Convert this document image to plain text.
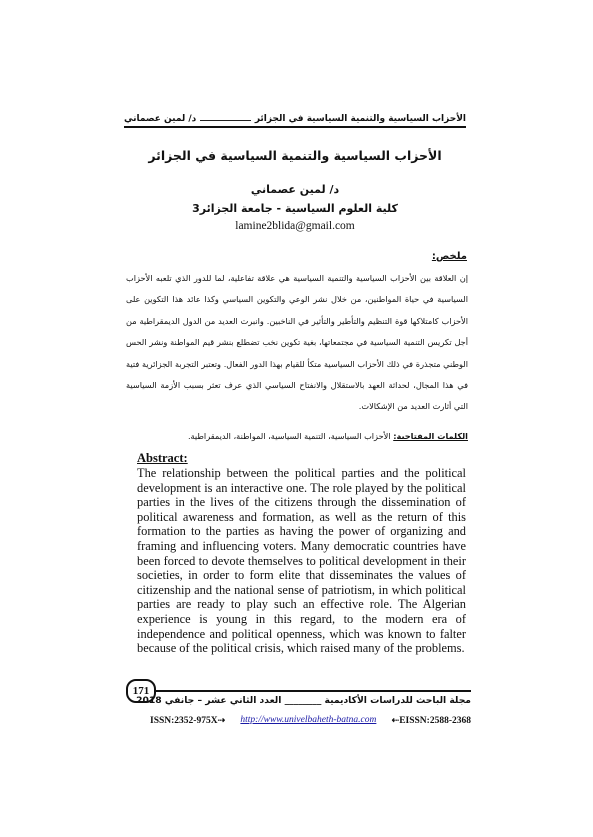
الأحزاب السياسية والتنمية السياسية في الجزائر
د/ لمين عصماني
الأحزاب السياسية والتنمية السياسية في الجزائر
د/ لمين عصماني
كلية العلوم السياسية - جامعة الجزائر3
lamine2blida@gmail.com
ملخص:
إن العلاقة بين الأحزاب السياسية والتنمية السياسية هي علاقة تفاعلية، لما للدور الذي تلعبه الأحزاب السياسية في حياة المواطنين، من خلال نشر الوعي والتكوين السياسي وكذا عائد هذا التكوين على الأحزاب كامتلاكها قوة التنظيم والتأطير والتأثير في الناخبين. وانبرت العديد من الدول الديمقراطية من أجل تكريس التنمية السياسية في مجتمعاتها، بغية تكوين نخب تضطلع بنشر قيم المواطنة ونشر الحس الوطني متجذرة في ذلك الأحزاب السياسية متكأ للقيام بهذا الدور الفعال. وتعتبر التجربة الجزائرية فتية في هذا المجال، لحداثة العهد بالاستقلال والانفتاح السياسي الذي عرف تعثر بسبب الأزمة السياسية التي أثارت العديد من الإشكالات.
الكلمات المفتاحية: الأحزاب السياسية، التنمية السياسية، المواطنة، الديمقراطية.
Abstract:
The relationship between the political parties and the political development is an interactive one. The role played by the political parties in the lives of the citizens through the dissemination of political awareness and formation, as well as the return of this formation to the parties as having the power of organizing and framing and influencing voters. Many democratic countries have been forced to devote themselves to political development in their societies, in order to form elite that disseminates the values of citizenship and the national sense of patriotism, in which political parties are ready to play such an effective role. The Algerian experience is young in this regard, to the modern era of independence and political openness, which was known to falter because of the political crisis, which raised many of the problems.
171
مجلة الباحث للدراسات الأكاديمية ________ العدد الثاني عشر – جانفي 2018
ISSN:2352-975X⇢ http://www.univelbaheth-batna.com ⇠EISSN:2588-2368
